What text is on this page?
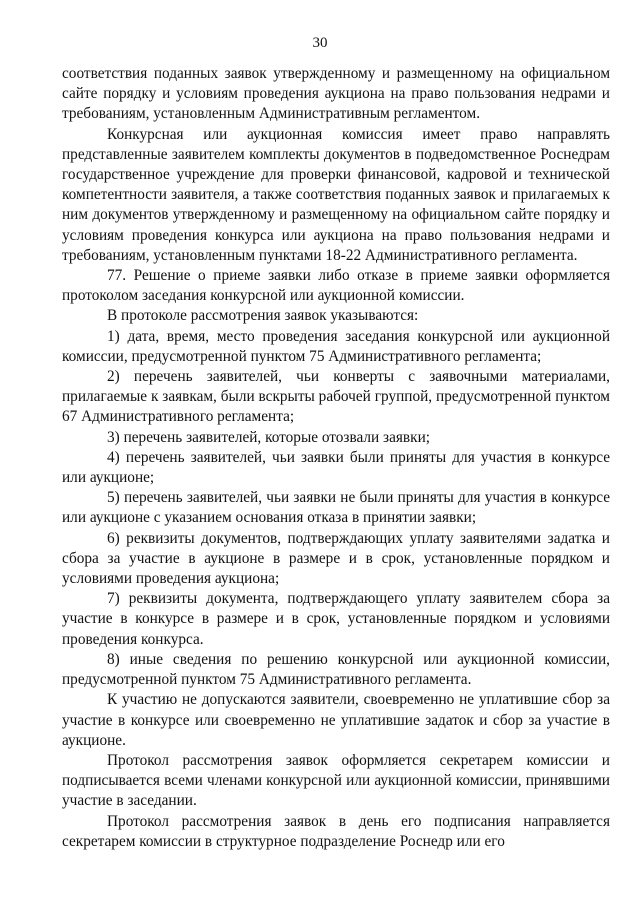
30

соответствия поданных заявок утвержденному и размещенному на официальном сайте порядку и условиям проведения аукциона на право пользования недрами и требованиям, установленным Административным регламентом.

Конкурсная или аукционная комиссия имеет право направлять представленные заявителем комплекты документов в подведомственное Роснедрам государственное учреждение для проверки финансовой, кадровой и технической компетентности заявителя, а также соответствия поданных заявок и прилагаемых к ним документов утвержденному и размещенному на официальном сайте порядку и условиям проведения конкурса или аукциона на право пользования недрами и требованиям, установленным пунктами 18-22 Административного регламента.

77. Решение о приеме заявки либо отказе в приеме заявки оформляется протоколом заседания конкурсной или аукционной комиссии.

В протоколе рассмотрения заявок указываются:

1) дата, время, место проведения заседания конкурсной или аукционной комиссии, предусмотренной пунктом 75 Административного регламента;

2) перечень заявителей, чьи конверты с заявочными материалами, прилагаемые к заявкам, были вскрыты рабочей группой, предусмотренной пунктом 67 Административного регламента;

3) перечень заявителей, которые отозвали заявки;

4) перечень заявителей, чьи заявки были приняты для участия в конкурсе или аукционе;

5) перечень заявителей, чьи заявки не были приняты для участия в конкурсе или аукционе с указанием основания отказа в принятии заявки;

6) реквизиты документов, подтверждающих уплату заявителями задатка и сбора за участие в аукционе в размере и в срок, установленные порядком и условиями проведения аукциона;

7) реквизиты документа, подтверждающего уплату заявителем сбора за участие в конкурсе в размере и в срок, установленные порядком и условиями проведения конкурса.

8) иные сведения по решению конкурсной или аукционной комиссии, предусмотренной пунктом 75 Административного регламента.

К участию не допускаются заявители, своевременно не уплатившие сбор за участие в конкурсе или своевременно не уплатившие задаток и сбор за участие в аукционе.

Протокол рассмотрения заявок оформляется секретарем комиссии и подписывается всеми членами конкурсной или аукционной комиссии, принявшими участие в заседании.

Протокол рассмотрения заявок в день его подписания направляется секретарем комиссии в структурное подразделение Роснедр или его
